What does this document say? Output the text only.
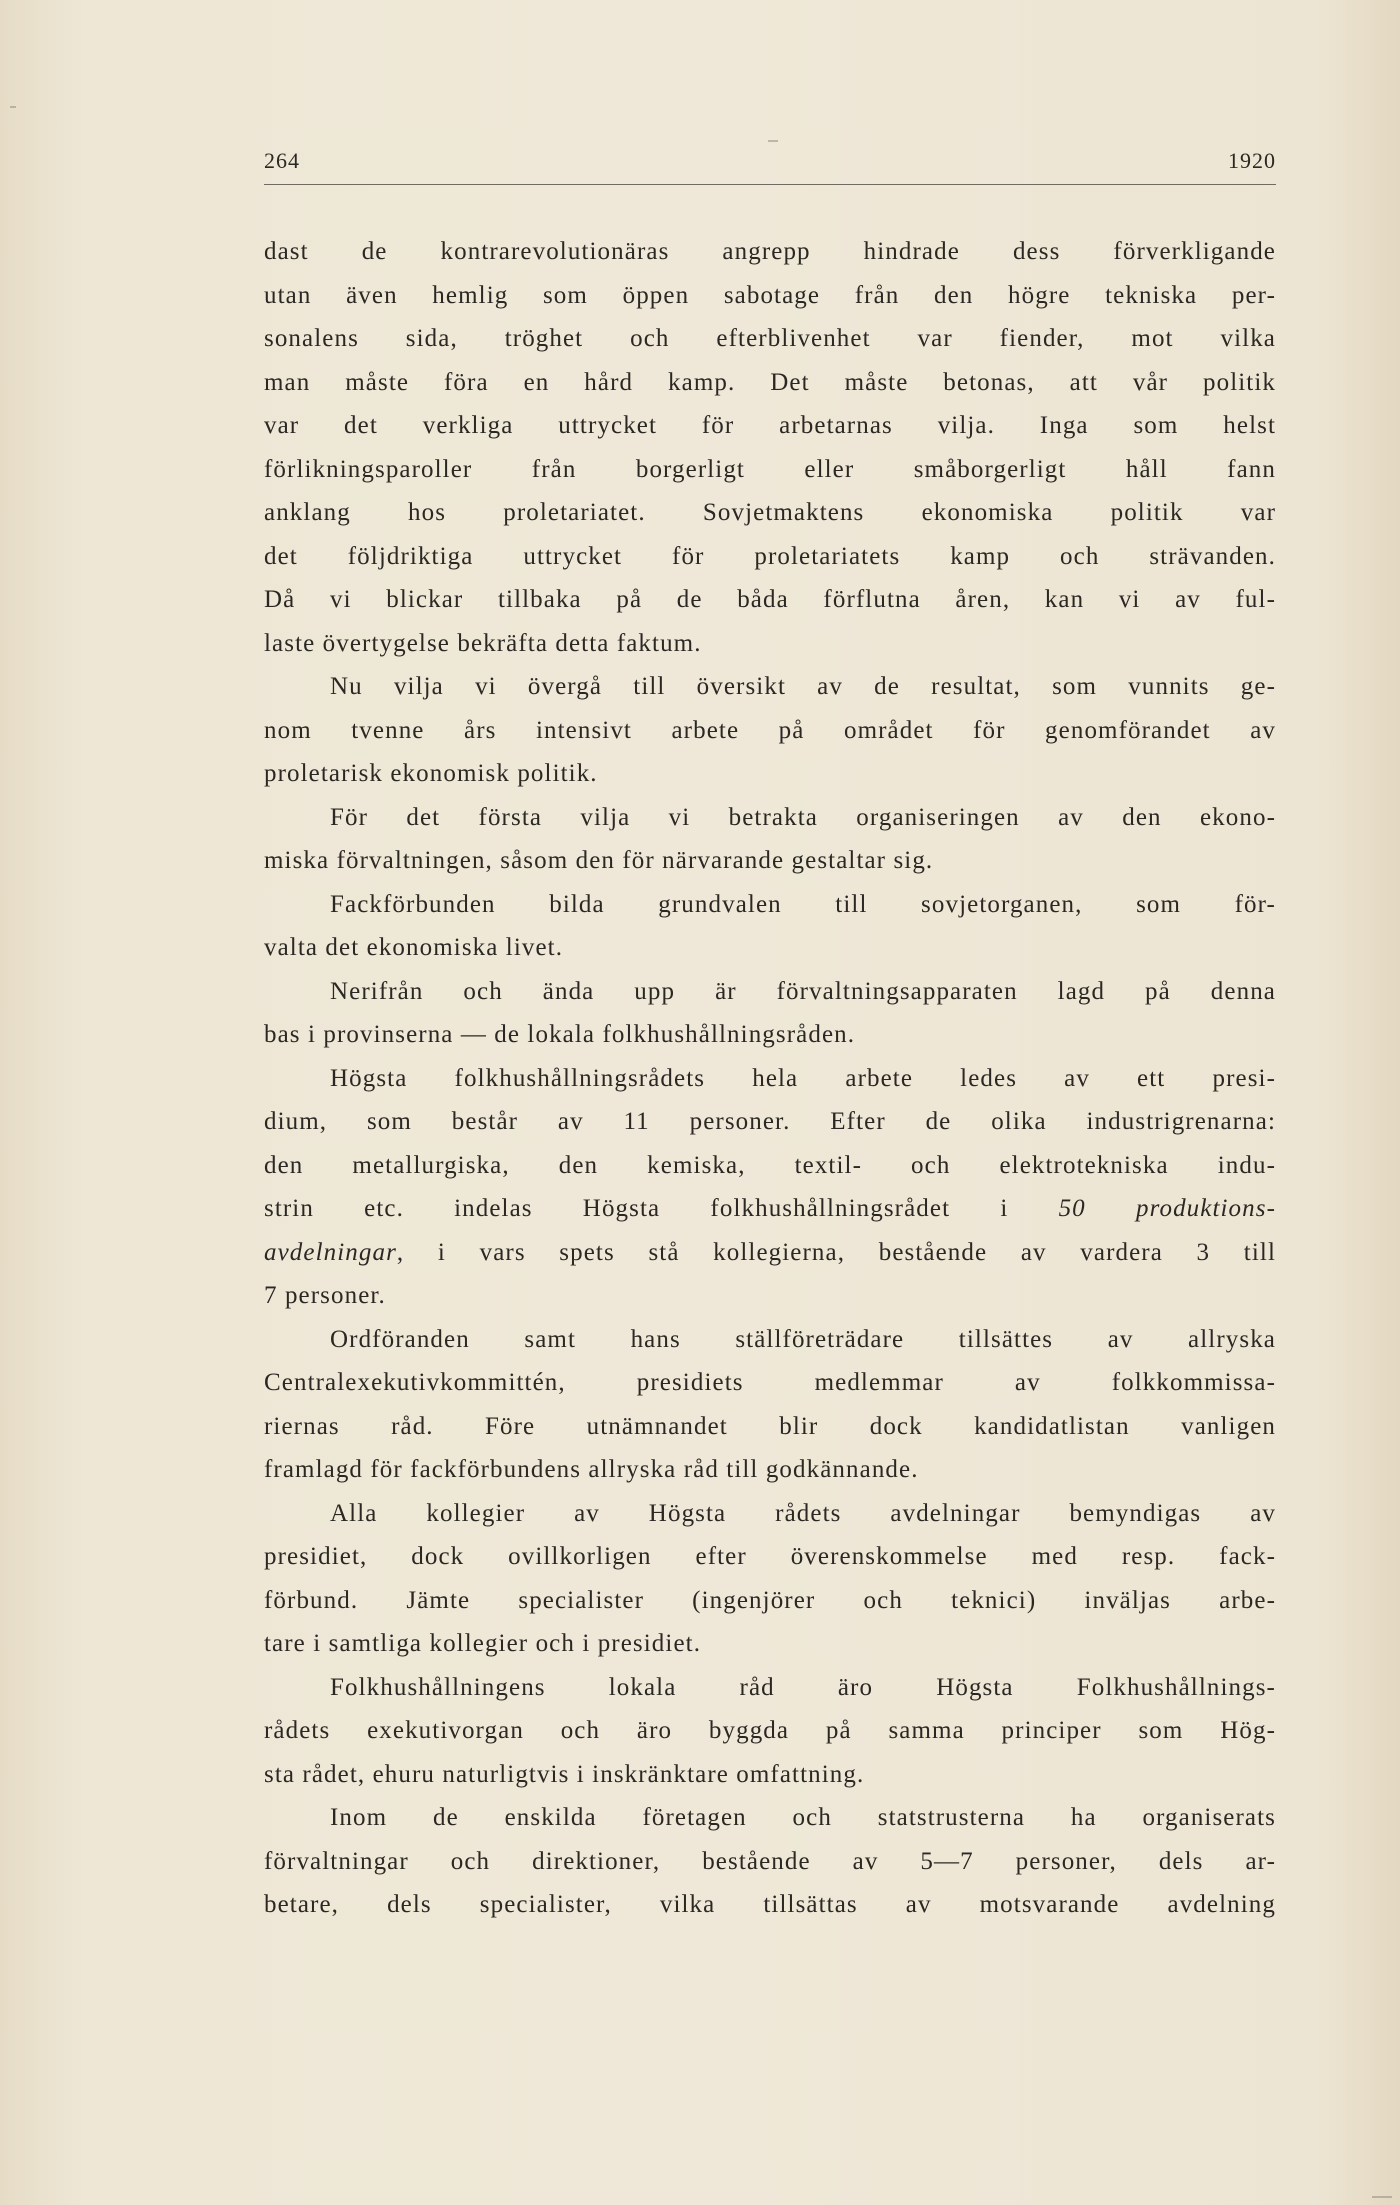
264	1920
dast de kontrarevolutionäras angrepp hindrade dess förverkligande
utan även hemlig som öppen sabotage från den högre tekniska per-
sonalens sida, tröghet och efterblivenhet var fiender, mot vilka
man måste föra en hård kamp. Det måste betonas, att vår politik
var det verkliga uttrycket för arbetarnas vilja. Inga som helst
förlikningsparoller från borgerligt eller småborgerligt håll fann
anklang hos proletariatet. Sovjetmaktens ekonomiska politik var
det följdriktiga uttrycket för proletariatets kamp och strävanden.
Då vi blickar tillbaka på de båda förflutna åren, kan vi av ful-
laste övertygelse bekräfta detta faktum.
Nu vilja vi övergå till översikt av de resultat, som vunnits ge-
nom tvenne års intensivt arbete på området för genomförandet av
proletarisk ekonomisk politik.
För det första vilja vi betrakta organiseringen av den ekono-
miska förvaltningen, såsom den för närvarande gestaltar sig.
Fackförbunden bilda grundvalen till sovjetorganen, som för-
valta det ekonomiska livet.
Nerifrån och ända upp är förvaltningsapparaten lagd på denna
bas i provinserna — de lokala folkhushållningsråden.
Högsta folkhushållningsrådets hela arbete ledes av ett presi-
dium, som består av 11 personer. Efter de olika industrigrenarna:
den metallurgiska, den kemiska, textil- och elektrotekniska indu-
strin etc. indelas Högsta folkhushållningsrådet i 50 produktions-
avdelningar, i vars spets stå kollegierna, bestående av vardera 3 till
7 personer.
Ordföranden samt hans ställföreträdare tillsättes av allryska
Centralexekutivkommittén, presidiets medlemmar av folkkommissa-
riernas råd. Före utnämnandet blir dock kandidatlistan vanligen
framlagd för fackförbundens allryska råd till godkännande.
Alla kollegier av Högsta rådets avdelningar bemyndigas av
presidiet, dock ovillkorligen efter överenskommelse med resp. fack-
förbund. Jämte specialister (ingenjörer och teknici) inväljas arbe-
tare i samtliga kollegier och i presidiet.
Folkhushållningens lokala råd äro Högsta Folkhushållnings-
rådets exekutivorgan och äro byggda på samma principer som Hög-
sta rådet, ehuru naturligtvis i inskränktare omfattning.
Inom de enskilda företagen och statstrusterna ha organiserats
förvaltningar och direktioner, bestående av 5—7 personer, dels ar-
betare, dels specialister, vilka tillsättas av motsvarande avdelning
